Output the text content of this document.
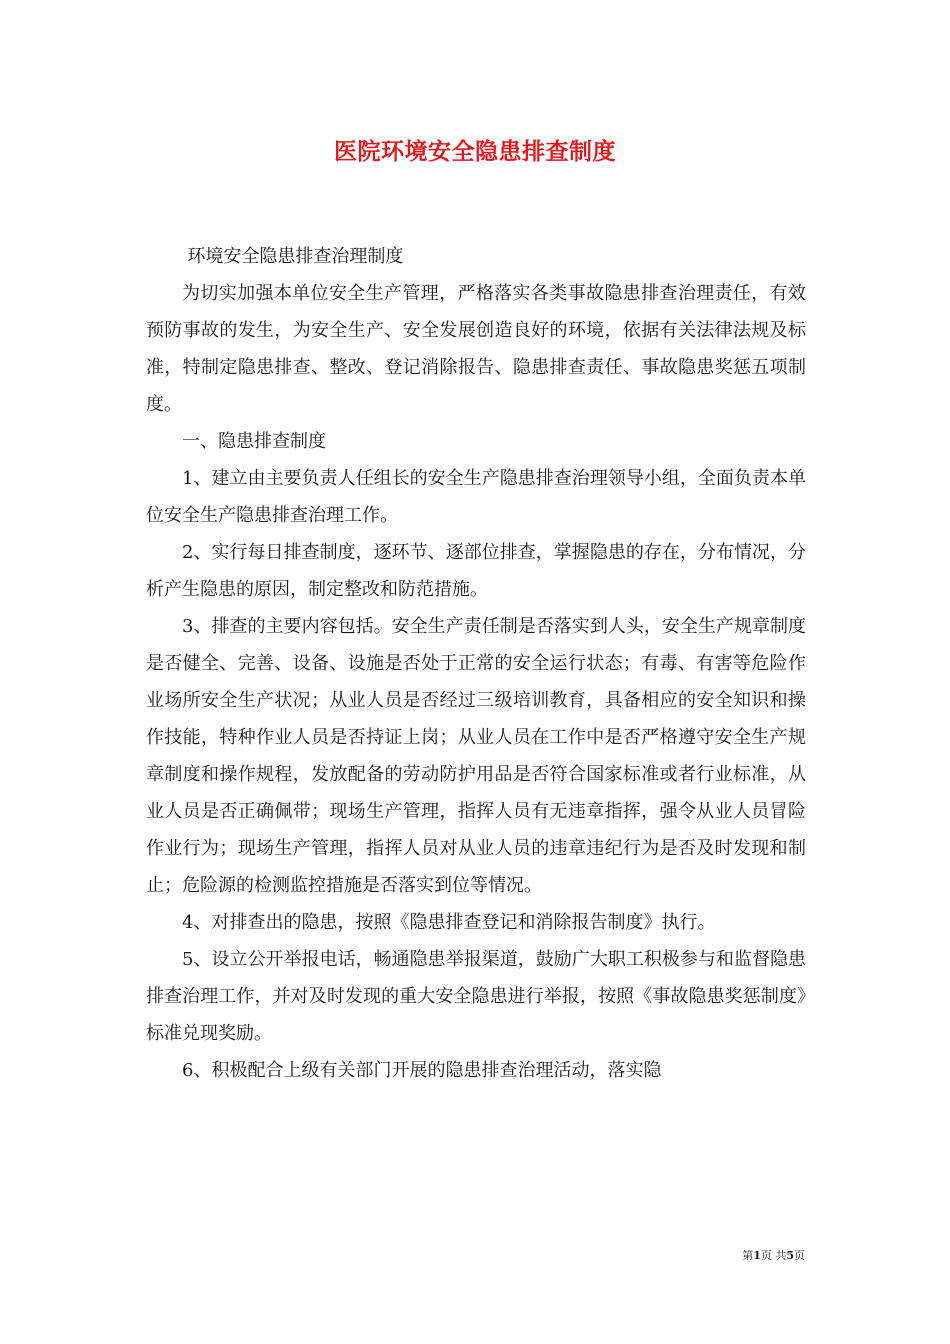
医院环境安全隐患排查制度

环境安全隐患排查治理制度

为切实加强本单位安全生产管理，严格落实各类事故隐患排查治理责任，有效预防事故的发生，为安全生产、安全发展创造良好的环境，依据有关法律法规及标准，特制定隐患排查、整改、登记消除报告、隐患排查责任、事故隐患奖惩五项制度。

一、隐患排查制度

1、建立由主要负责人任组长的安全生产隐患排查治理领导小组，全面负责本单位安全生产隐患排查治理工作。

2、实行每日排查制度，逐环节、逐部位排查，掌握隐患的存在，分布情况，分析产生隐患的原因，制定整改和防范措施。

3、排查的主要内容包括。安全生产责任制是否落实到人头，安全生产规章制度是否健全、完善、设备、设施是否处于正常的安全运行状态；有毒、有害等危险作业场所安全生产状况；从业人员是否经过三级培训教育，具备相应的安全知识和操作技能，特种作业人员是否持证上岗；从业人员在工作中是否严格遵守安全生产规章制度和操作规程，发放配备的劳动防护用品是否符合国家标准或者行业标准，从业人员是否正确佩带；现场生产管理，指挥人员有无违章指挥，强令从业人员冒险作业行为；现场生产管理，指挥人员对从业人员的违章违纪行为是否及时发现和制止；危险源的检测监控措施是否落实到位等情况。

4、对排查出的隐患，按照《隐患排查登记和消除报告制度》执行。

5、设立公开举报电话，畅通隐患举报渠道，鼓励广大职工积极参与和监督隐患排查治理工作，并对及时发现的重大安全隐患进行举报，按照《事故隐患奖惩制度》标准兑现奖励。

6、积极配合上级有关部门开展的隐患排查治理活动，落实隐

第1页 共5页
